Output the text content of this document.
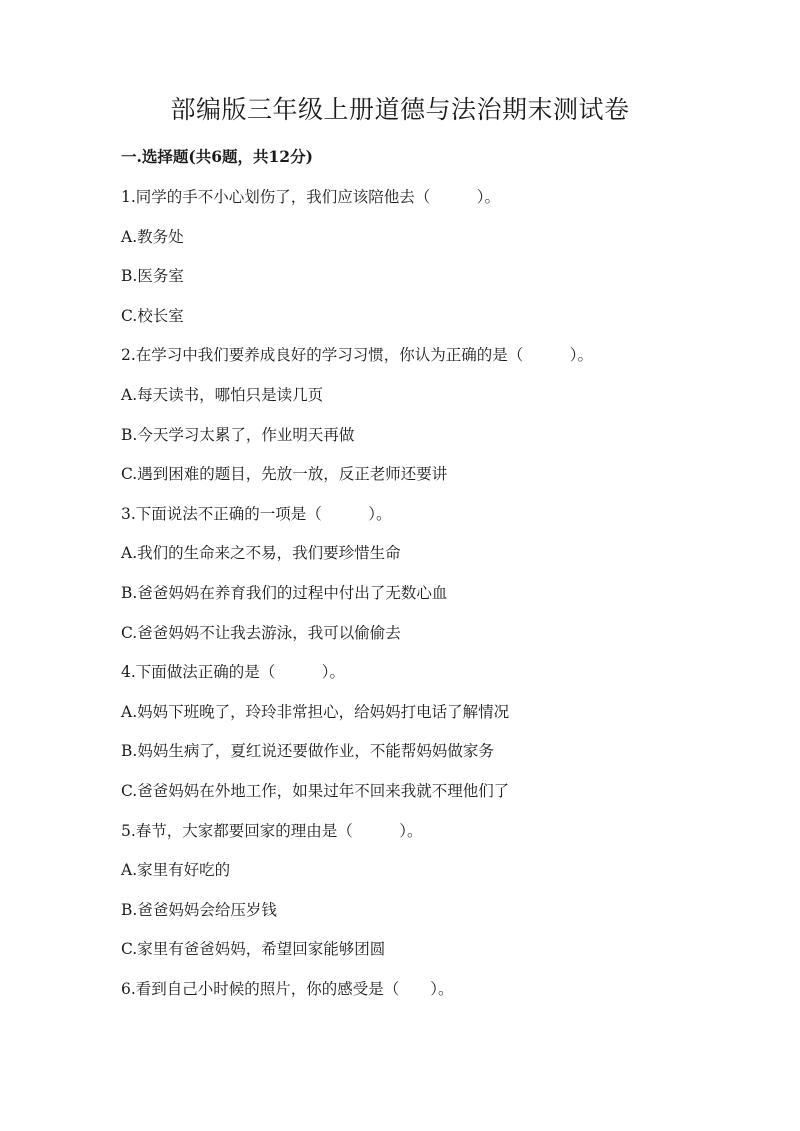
部编版三年级上册道德与法治期末测试卷

一.选择题(共6题，共12分)

1.同学的手不小心划伤了，我们应该陪他去（　　　）。
A.教务处
B.医务室
C.校长室
2.在学习中我们要养成良好的学习习惯，你认为正确的是（　　　）。
A.每天读书，哪怕只是读几页
B.今天学习太累了，作业明天再做
C.遇到困难的题目，先放一放，反正老师还要讲
3.下面说法不正确的一项是（　　　）。
A.我们的生命来之不易，我们要珍惜生命
B.爸爸妈妈在养育我们的过程中付出了无数心血
C.爸爸妈妈不让我去游泳，我可以偷偷去
4.下面做法正确的是（　　　）。
A.妈妈下班晚了，玲玲非常担心，给妈妈打电话了解情况
B.妈妈生病了，夏红说还要做作业，不能帮妈妈做家务
C.爸爸妈妈在外地工作，如果过年不回来我就不理他们了
5.春节，大家都要回家的理由是（　　　）。
A.家里有好吃的
B.爸爸妈妈会给压岁钱
C.家里有爸爸妈妈，希望回家能够团圆
6.看到自己小时候的照片，你的感受是（　　）。
